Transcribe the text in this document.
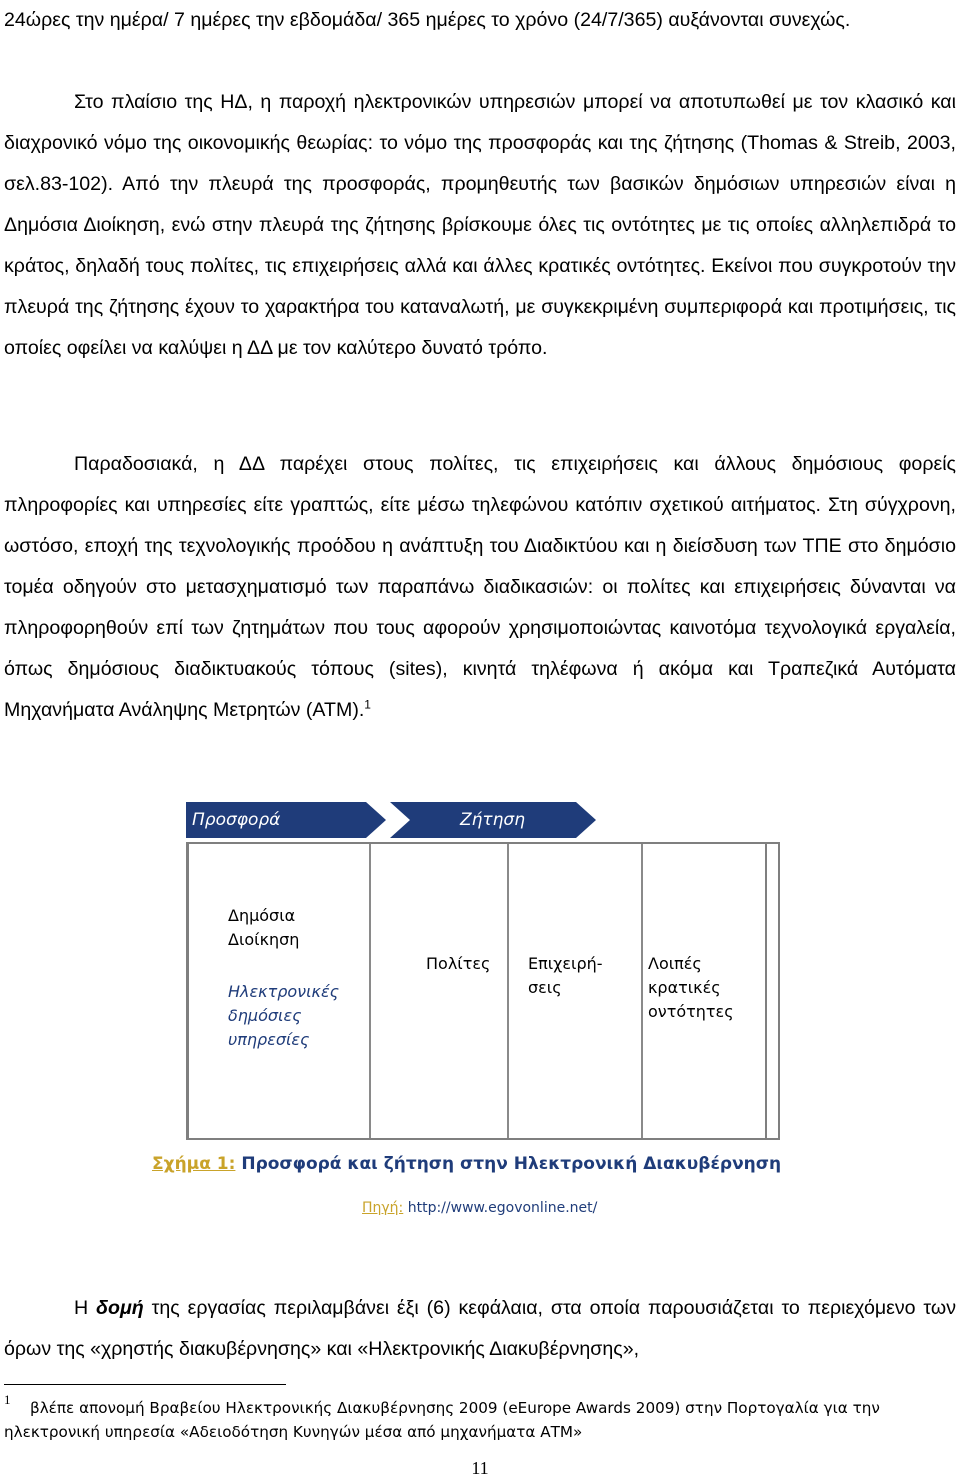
24ώρες την ημέρα/ 7 ημέρες την εβδομάδα/ 365 ημέρες το χρόνο (24/7/365) αυξάνονται συνεχώς.

Στο πλαίσιο της ΗΔ, η παροχή ηλεκτρονικών υπηρεσιών μπορεί να αποτυπωθεί με τον κλασικό και διαχρονικό νόμο της οικονομικής θεωρίας: το νόμο της προσφοράς και της ζήτησης (Thomas & Streib, 2003, σελ.83-102). Από την πλευρά της προσφοράς, προμηθευτής των βασικών δημόσιων υπηρεσιών είναι η Δημόσια Διοίκηση, ενώ στην πλευρά της ζήτησης βρίσκουμε όλες τις οντότητες με τις οποίες αλληλεπιδρά το κράτος, δηλαδή τους πολίτες, τις επιχειρήσεις αλλά και άλλες κρατικές οντότητες. Εκείνοι που συγκροτούν την πλευρά της ζήτησης έχουν το χαρακτήρα του καταναλωτή, με συγκεκριμένη συμπεριφορά και προτιμήσεις, τις οποίες οφείλει να καλύψει η ΔΔ με τον καλύτερο δυνατό τρόπο.

Παραδοσιακά, η ΔΔ παρέχει στους πολίτες, τις επιχειρήσεις και άλλους δημόσιους φορείς πληροφορίες και υπηρεσίες είτε γραπτώς, είτε μέσω τηλεφώνου κατόπιν σχετικού αιτήματος. Στη σύγχρονη, ωστόσο, εποχή της τεχνολογικής προόδου η ανάπτυξη του Διαδικτύου και η διείσδυση των ΤΠΕ στο δημόσιο τομέα οδηγούν στο μετασχηματισμό των παραπάνω διαδικασιών: οι πολίτες και επιχειρήσεις δύνανται να πληροφορηθούν επί των ζητημάτων που τους αφορούν χρησιμοποιώντας καινοτόμα τεχνολογικά εργαλεία, όπως δημόσιους διαδικτυακούς τόπους (sites), κινητά τηλέφωνα ή ακόμα και Τραπεζικά Αυτόματα Μηχανήματα Ανάληψης Μετρητών (ΑΤΜ).$^1$

Προσφορά	Ζήτηση
Δημόσια
Διοίκηση
Ηλεκτρονικές
δημόσιες
υπηρεσίες
Πολίτες Επιχειρή-
σεις
Λοιπές
κρατικές
οντότητες
Σχήμα 1: Προσφορά και ζήτηση στην Ηλεκτρονική Διακυβέρνηση
Πηγή: http://www.egovonline.net/

Η δομή της εργασίας περιλαμβάνει έξι (6) κεφάλαια, στα οποία παρουσιάζεται το περιεχόμενο των όρων της «χρηστής διακυβέρνησης» και «Ηλεκτρονικής Διακυβέρνησης»,

1	βλέπε απονομή Βραβείου Ηλεκτρονικής Διακυβέρνησης 2009 (eEurope Awards 2009) στην Πορτογαλία για την ηλεκτρονική υπηρεσία «Αδειοδότηση Κυνηγών μέσα από μηχανήματα ΑΤΜ»

11
